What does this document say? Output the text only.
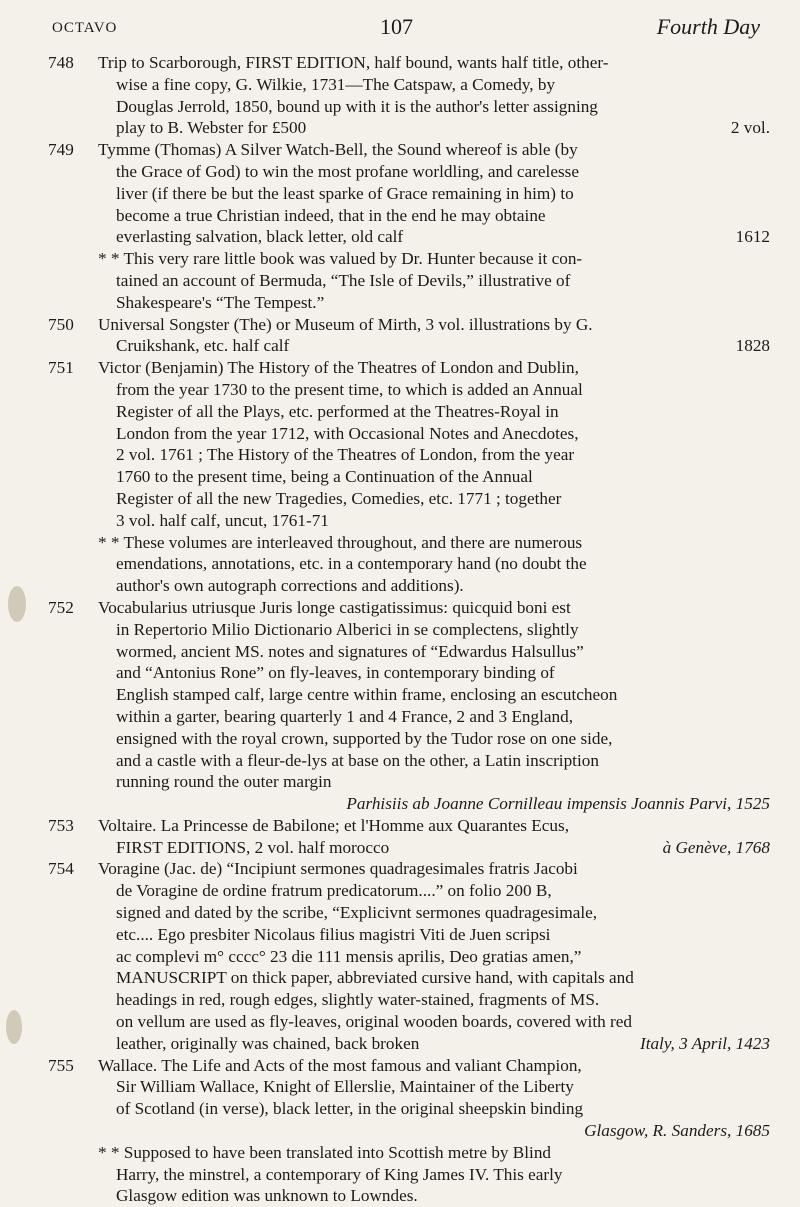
OCTAVO	107	Fourth Day
748	Trip to Scarborough, FIRST EDITION, half bound, wants half title, other-
wise a fine copy, G. Wilkie, 1731—The Catspaw, a Comedy, by
Douglas Jerrold, 1850, bound up with it is the author's letter assigning
play to B. Webster for £500	2 vol.
749	Tymme (Thomas) A Silver Watch-Bell, the Sound whereof is able (by
the Grace of God) to win the most profane worldling, and carelesse
liver (if there be but the least sparke of Grace remaining in him) to
become a true Christian indeed, that in the end he may obtaine
everlasting salvation, black letter, old calf	1612
* * This very rare little book was valued by Dr. Hunter because it con-
tained an account of Bermuda, “The Isle of Devils,” illustrative of
Shakespeare's “The Tempest.”
750	Universal Songster (The) or Museum of Mirth, 3 vol. illustrations by G.
Cruikshank, etc. half calf	1828
751	Victor (Benjamin) The History of the Theatres of London and Dublin,
from the year 1730 to the present time, to which is added an Annual
Register of all the Plays, etc. performed at the Theatres-Royal in
London from the year 1712, with Occasional Notes and Anecdotes,
2 vol. 1761 ; The History of the Theatres of London, from the year
1760 to the present time, being a Continuation of the Annual
Register of all the new Tragedies, Comedies, etc. 1771 ; together
3 vol. half calf, uncut, 1761-71
* * These volumes are interleaved throughout, and there are numerous
emendations, annotations, etc. in a contemporary hand (no doubt the
author's own autograph corrections and additions).
752	Vocabularius utriusque Juris longe castigatissimus: quicquid boni est
in Repertorio Milio Dictionario Alberici in se complectens, slightly
wormed, ancient MS. notes and signatures of “Edwardus Halsullus”
and “Antonius Rone” on fly-leaves, in contemporary binding of
English stamped calf, large centre within frame, enclosing an escutcheon
within a garter, bearing quarterly 1 and 4 France, 2 and 3 England,
ensigned with the royal crown, supported by the Tudor rose on one side,
and a castle with a fleur-de-lys at base on the other, a Latin inscription
running round the outer margin
Parhisiis ab Joanne Cornilleau impensis Joannis Parvi, 1525
753	Voltaire. La Princesse de Babilone; et l'Homme aux Quarantes Ecus,
FIRST EDITIONS, 2 vol. half morocco	à Genève, 1768
754	Voragine (Jac. de) “Incipiunt sermones quadragesimales fratris Jacobi
de Voragine de ordine fratrum predicatorum....” on folio 200 B,
signed and dated by the scribe, “Explicivnt sermones quadragesimale,
etc.... Ego presbiter Nicolaus filius magistri Viti de Juen scripsi
ac complevi m° cccc° 23 die 111 mensis aprilis, Deo gratias amen,”
MANUSCRIPT on thick paper, abbreviated cursive hand, with capitals and
headings in red, rough edges, slightly water-stained, fragments of MS.
on vellum are used as fly-leaves, original wooden boards, covered with red
leather, originally was chained, back broken	Italy, 3 April, 1423
755	Wallace. The Life and Acts of the most famous and valiant Champion,
Sir William Wallace, Knight of Ellerslie, Maintainer of the Liberty
of Scotland (in verse), black letter, in the original sheepskin binding
Glasgow, R. Sanders, 1685
* * Supposed to have been translated into Scottish metre by Blind
Harry, the minstrel, a contemporary of King James IV. This early
Glasgow edition was unknown to Lowndes.
